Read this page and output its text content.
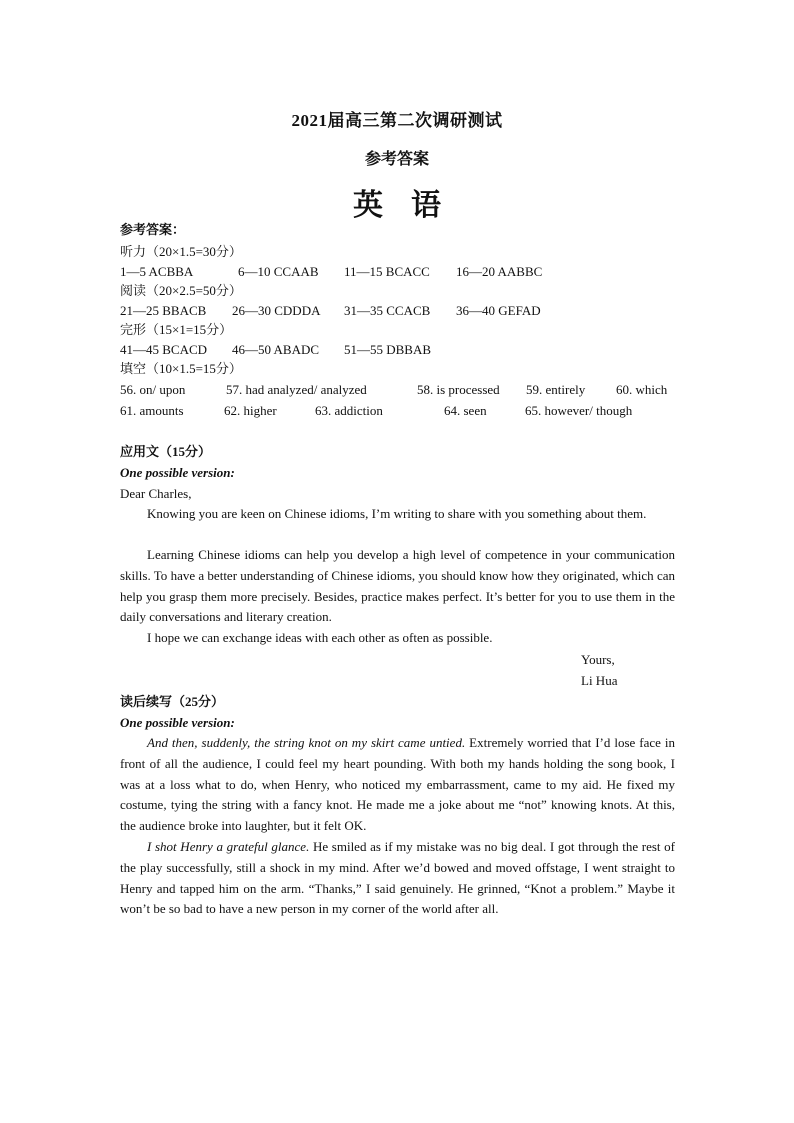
2021届高三第二次调研测试
参考答案
英语
参考答案：
听力（20×1.5=30分）
1—5 ACBBA	6—10 CCAAB 11—15 BCACC 16—20 AABBC
阅读（20×2.5=50分）
21—25 BBACB 26—30 CDDDA 31—35 CCACB 36—40 GEFAD
完形（15×1=15分）
41—45 BCACD 46—50 ABADC 51—55 DBBAB
填空（10×1.5=15分）
56. on/ upon	57. had analyzed/ analyzed	58. is processed 59. entirely 60. which
61. amounts	62. higher	63. addiction	64. seen	65. however/ though
应用文（15分）
One possible version:
Dear Charles,
Knowing you are keen on Chinese idioms, I’m writing to share with you something about them.
Learning Chinese idioms can help you develop a high level of competence in your communication skills. To have a better understanding of Chinese idioms, you should know how they originated, which can help you grasp them more precisely. Besides, practice makes perfect. It’s better for you to use them in the daily conversations and literary creation.
I hope we can exchange ideas with each other as often as possible.
Yours,
Li Hua
读后续写（25分）
One possible version:
And then, suddenly, the string knot on my skirt came untied. Extremely worried that I’d lose face in front of all the audience, I could feel my heart pounding. With both my hands holding the song book, I was at a loss what to do, when Henry, who noticed my embarrassment, came to my aid. He fixed my costume, tying the string with a fancy knot. He made me a joke about me “not” knowing knots. At this, the audience broke into laughter, but it felt OK.
I shot Henry a grateful glance. He smiled as if my mistake was no big deal. I got through the rest of the play successfully, still a shock in my mind. After we’d bowed and moved offstage, I went straight to Henry and tapped him on the arm. “Thanks,” I said genuinely. He grinned, “Knot a problem.” Maybe it won’t be so bad to have a new person in my corner of the world after all.
